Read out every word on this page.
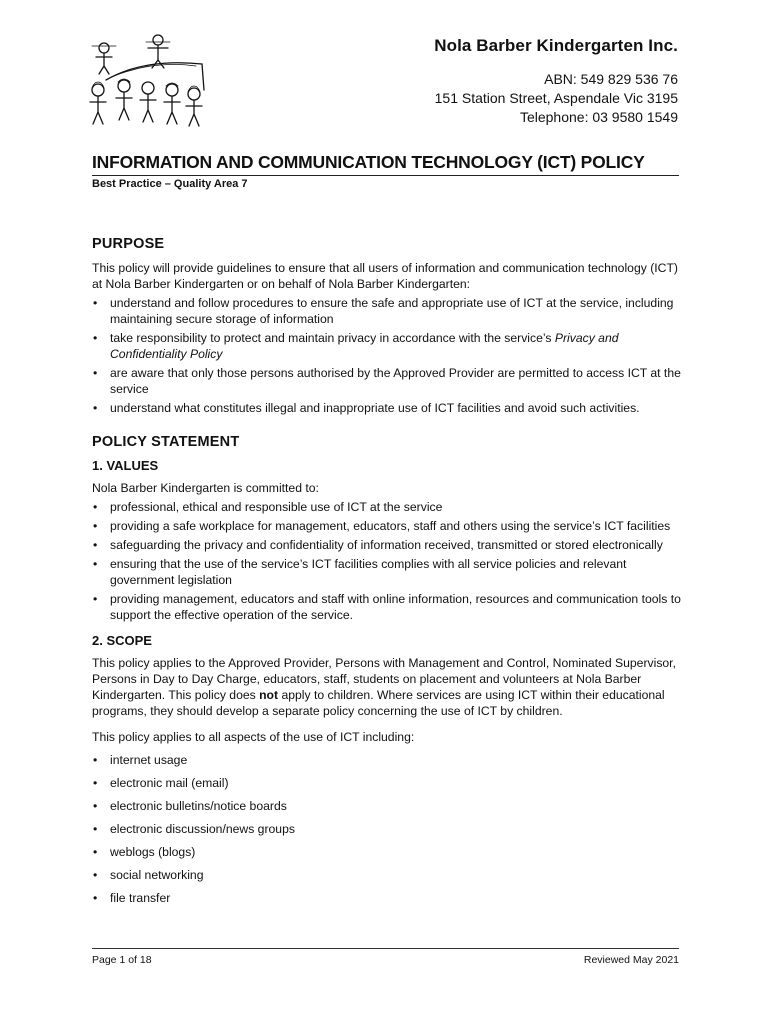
Nola Barber Kindergarten Inc.
ABN: 549 829 536 76
151 Station Street, Aspendale Vic 3195
Telephone: 03 9580 1549
INFORMATION AND COMMUNICATION TECHNOLOGY (ICT) POLICY
Best Practice – Quality Area 7
PURPOSE

This policy will provide guidelines to ensure that all users of information and communication technology (ICT) at Nola Barber Kindergarten or on behalf of Nola Barber Kindergarten:

• understand and follow procedures to ensure the safe and appropriate use of ICT at the service, including maintaining secure storage of information
• take responsibility to protect and maintain privacy in accordance with the service’s Privacy and Confidentiality Policy
• are aware that only those persons authorised by the Approved Provider are permitted to access ICT at the service
• understand what constitutes illegal and inappropriate use of ICT facilities and avoid such activities.
POLICY STATEMENT
1. VALUES

Nola Barber Kindergarten is committed to:

• professional, ethical and responsible use of ICT at the service
• providing a safe workplace for management, educators, staff and others using the service’s ICT facilities
• safeguarding the privacy and confidentiality of information received, transmitted or stored electronically
• ensuring that the use of the service’s ICT facilities complies with all service policies and relevant government legislation
• providing management, educators and staff with online information, resources and communication tools to support the effective operation of the service.
2. SCOPE

This policy applies to the Approved Provider, Persons with Management and Control, Nominated Supervisor, Persons in Day to Day Charge, educators, staff, students on placement and volunteers at Nola Barber Kindergarten. This policy does not apply to children. Where services are using ICT within their educational programs, they should develop a separate policy concerning the use of ICT by children.

This policy applies to all aspects of the use of ICT including:

• internet usage
• electronic mail (email)
• electronic bulletins/notice boards
• electronic discussion/news groups
• weblogs (blogs)
• social networking
• file transfer
Page 1 of 18	Reviewed May 2021
